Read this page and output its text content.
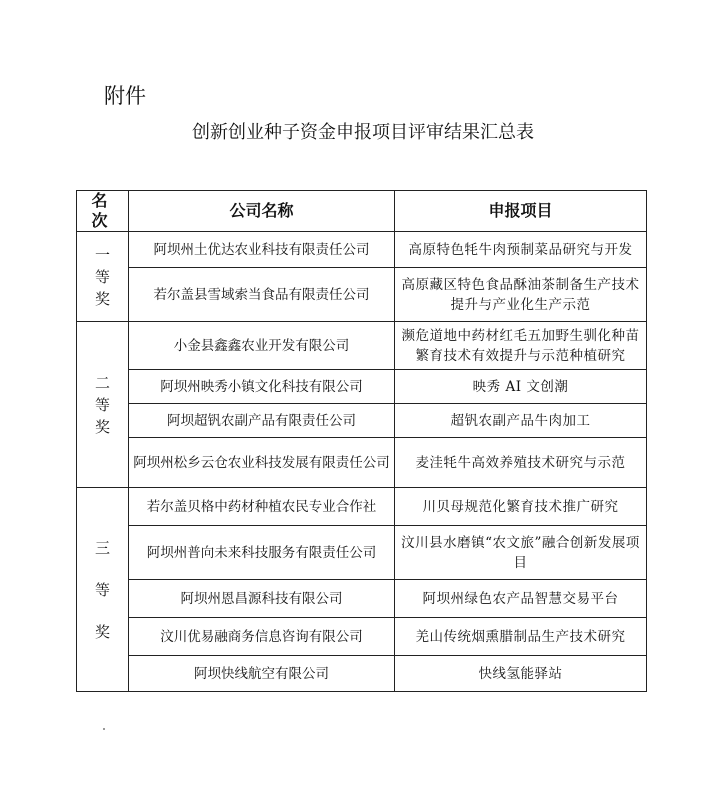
附件
创新创业种子资金申报项目评审结果汇总表
名次	公司名称	申报项目

一等奖	阿坝州土优达农业科技有限责任公司	高原特色牦牛肉预制菜品研究与开发
	若尔盖县雪域索当食品有限责任公司	高原藏区特色食品酥油茶制备生产技术提升与产业化生产示范

二等奖	小金县鑫鑫农业开发有限公司	濒危道地中药材红毛五加野生驯化种苗繁育技术有效提升与示范种植研究
	阿坝州映秀小镇文化科技有限公司	映秀 AI 文创潮
	阿坝超钒农副产品有限责任公司	超钒农副产品牛肉加工
	阿坝州松乡云仓农业科技发展有限责任公司	麦洼牦牛高效养殖技术研究与示范

三等奖	若尔盖贝格中药材种植农民专业合作社	川贝母规范化繁育技术推广研究
	阿坝州普向未来科技服务有限责任公司	汶川县水磨镇“农文旅”融合创新发展项目
	阿坝州恩昌源科技有限公司	阿坝州绿色农产品智慧交易平台
	汶川优易融商务信息咨询有限公司	羌山传统烟熏腊制品生产技术研究
	阿坝快线航空有限公司	快线氢能驿站
